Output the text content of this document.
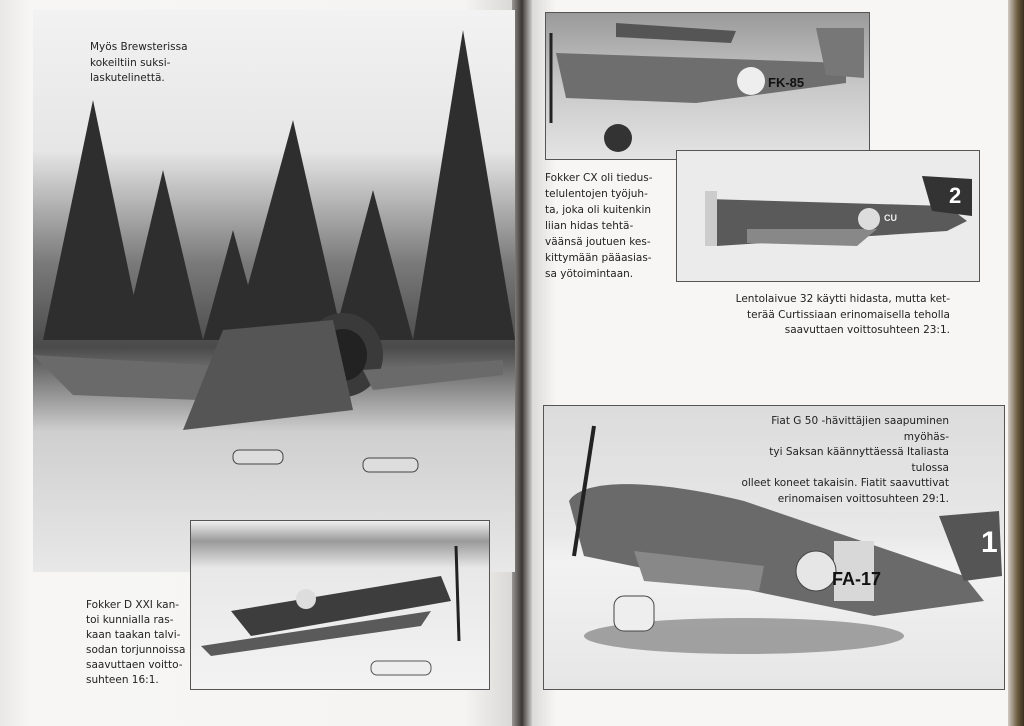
Myös Brewsterissa
kokeiltiin suksi-
laskutelinettä.
Fokker D XXI kan-
toi kunnialla ras-
kaan taakan talvi-
sodan torjunnoissa
saavuttaen voitto-
suhteen 16:1.
FK-85
Fokker CX oli tiedus-
telulentojen työjuh-
ta, joka oli kuitenkin
liian hidas tehtä-
väänsä joutuen kes-
kittymään pääasias-
sa yötoimintaan.
2
CU
Lentolaivue 32 käytti hidasta, mutta ket-
terää Curtissiaan erinomaisella teholla
saavuttaen voittosuhteen 23:1.
FA-17
1
Fiat G 50 -hävittäjien saapuminen myöhäs-
tyi Saksan käännyttäessä Italiasta tulossa
olleet koneet takaisin. Fiatit saavuttivat
erinomaisen voittosuhteen 29:1.
